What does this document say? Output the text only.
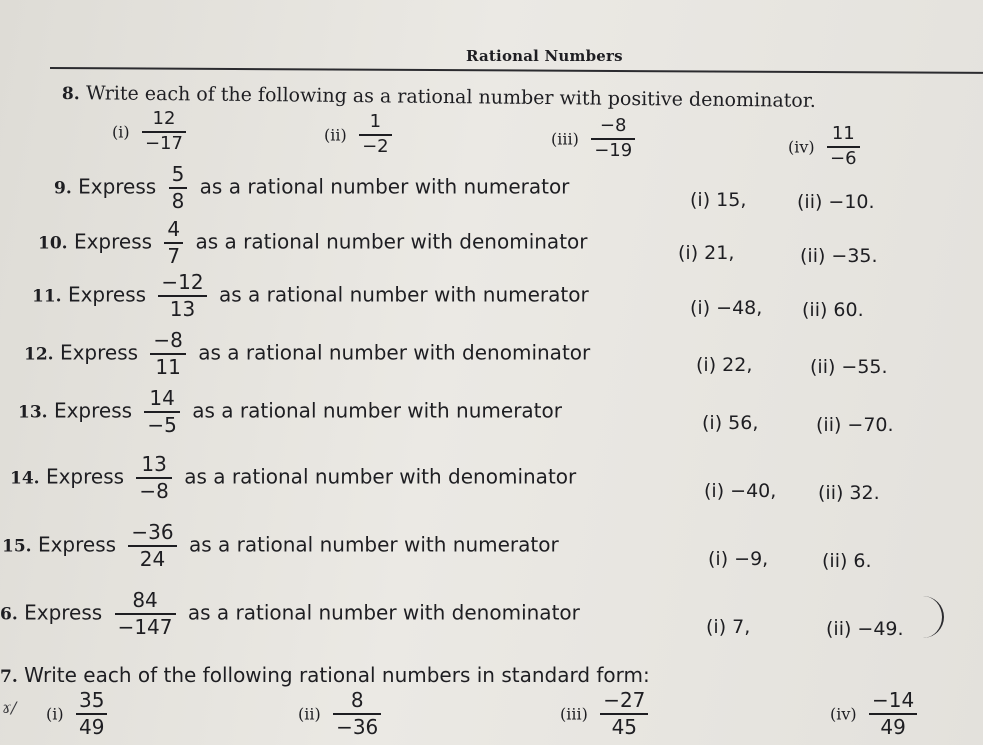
Rational Numbers
8. Write each of the following as a rational number with positive denominator.
$(i) \frac{12}{-17}$	$(ii) \frac{1}{-2}$	$(iii) \frac{-8}{-19}$	$(iv) \frac{11}{-6}$
9. Express $\frac{5}{8}$ as a rational number with numerator
(i) 15,	(ii) −10.
10. Express $\frac{4}{7}$ as a rational number with denominator	(i) 21,	(ii) −35.
11. Express $\frac{-12}{13}$ as a rational number with numerator
(i) −48, (ii) 60.
12. Express $\frac{-8}{11}$ as a rational number with denominator
(i) 22,	(ii) −55.
13. Express $\frac{14}{-5}$ as a rational number with numerator
(i) 56,	(ii) −70.
14. Express $\frac{13}{-8}$ as a rational number with denominator
(i) −40, (ii) 32.
15. Express $\frac{-36}{24}$ as a rational number with numerator
(i) −9,	(ii) 6.
6. Express $\frac{84}{-147}$ as a rational number with denominator
(i) 7,	(ii) −49.
7. Write each of the following rational numbers in standard form:
ɤ/ $(i) \frac{35}{49}$	$(ii) \frac{8}{-36}$	$(iii) \frac{-27}{45}$	$(iv) \frac{-14}{49}$
